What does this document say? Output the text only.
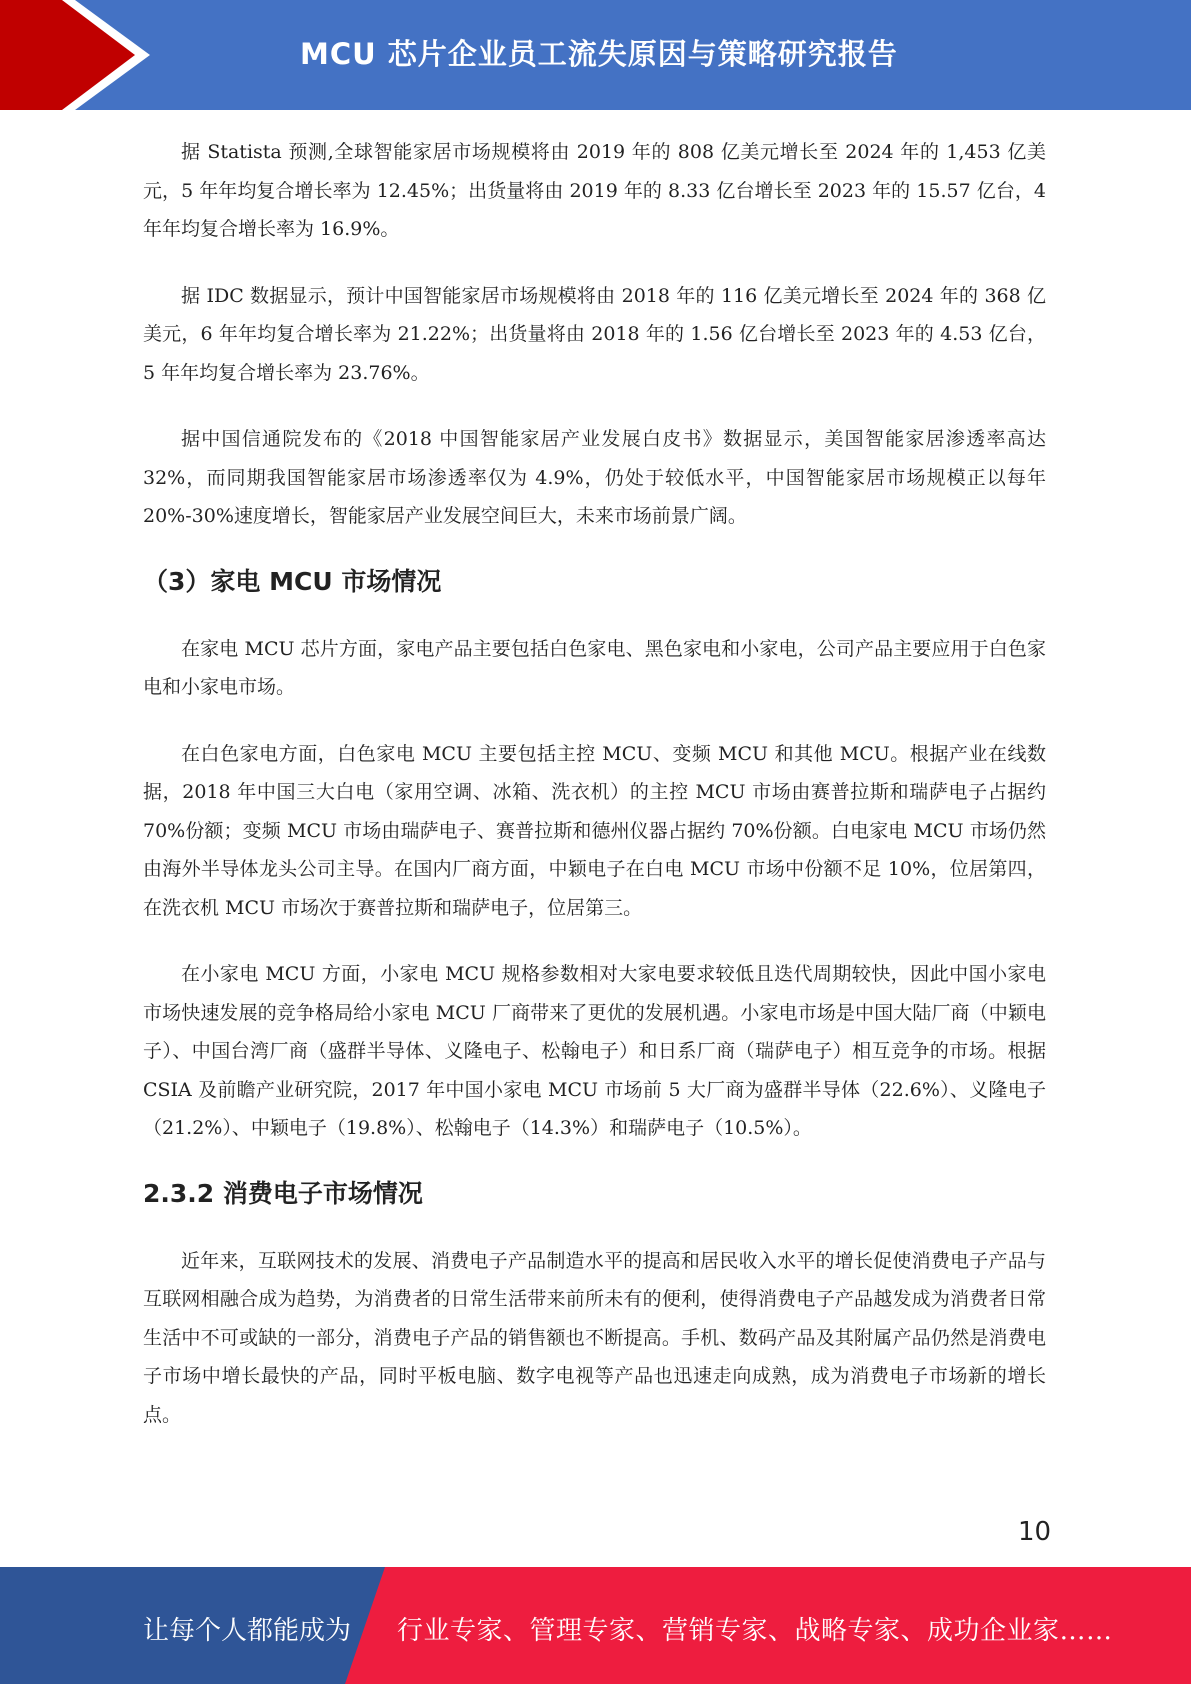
MCU 芯片企业员工流失原因与策略研究报告

据 Statista 预测,全球智能家居市场规模将由 2019 年的 808 亿美元增长至 2024 年的 1,453 亿美元，5 年年均复合增长率为 12.45%；出货量将由 2019 年的 8.33 亿台增长至 2023 年的 15.57 亿台，4 年年均复合增长率为 16.9%。

据 IDC 数据显示，预计中国智能家居市场规模将由 2018 年的 116 亿美元增长至 2024 年的 368 亿美元，6 年年均复合增长率为 21.22%；出货量将由 2018 年的 1.56 亿台增长至 2023 年的 4.53 亿台，5 年年均复合增长率为 23.76%。

据中国信通院发布的《2018 中国智能家居产业发展白皮书》数据显示，美国智能家居渗透率高达 32%，而同期我国智能家居市场渗透率仅为 4.9%，仍处于较低水平，中国智能家居市场规模正以每年 20%-30%速度增长，智能家居产业发展空间巨大，未来市场前景广阔。

（3）家电 MCU 市场情况

在家电 MCU 芯片方面，家电产品主要包括白色家电、黑色家电和小家电，公司产品主要应用于白色家电和小家电市场。

在白色家电方面，白色家电 MCU 主要包括主控 MCU、变频 MCU 和其他 MCU。根据产业在线数据，2018 年中国三大白电（家用空调、冰箱、洗衣机）的主控 MCU 市场由赛普拉斯和瑞萨电子占据约 70%份额；变频 MCU 市场由瑞萨电子、赛普拉斯和德州仪器占据约 70%份额。白电家电 MCU 市场仍然由海外半导体龙头公司主导。在国内厂商方面，中颖电子在白电 MCU 市场中份额不足 10%，位居第四，在洗衣机 MCU 市场次于赛普拉斯和瑞萨电子，位居第三。

在小家电 MCU 方面，小家电 MCU 规格参数相对大家电要求较低且迭代周期较快，因此中国小家电市场快速发展的竞争格局给小家电 MCU 厂商带来了更优的发展机遇。小家电市场是中国大陆厂商（中颖电子）、中国台湾厂商（盛群半导体、义隆电子、松翰电子）和日系厂商（瑞萨电子）相互竞争的市场。根据 CSIA 及前瞻产业研究院，2017 年中国小家电 MCU 市场前 5 大厂商为盛群半导体（22.6%）、义隆电子（21.2%）、中颖电子（19.8%）、松翰电子（14.3%）和瑞萨电子（10.5%）。

2.3.2 消费电子市场情况

近年来，互联网技术的发展、消费电子产品制造水平的提高和居民收入水平的增长促使消费电子产品与互联网相融合成为趋势，为消费者的日常生活带来前所未有的便利，使得消费电子产品越发成为消费者日常生活中不可或缺的一部分，消费电子产品的销售额也不断提高。手机、数码产品及其附属产品仍然是消费电子市场中增长最快的产品，同时平板电脑、数字电视等产品也迅速走向成熟，成为消费电子市场新的增长点。

10
让每个人都能成为 行业专家、管理专家、营销专家、战略专家、成功企业家……
